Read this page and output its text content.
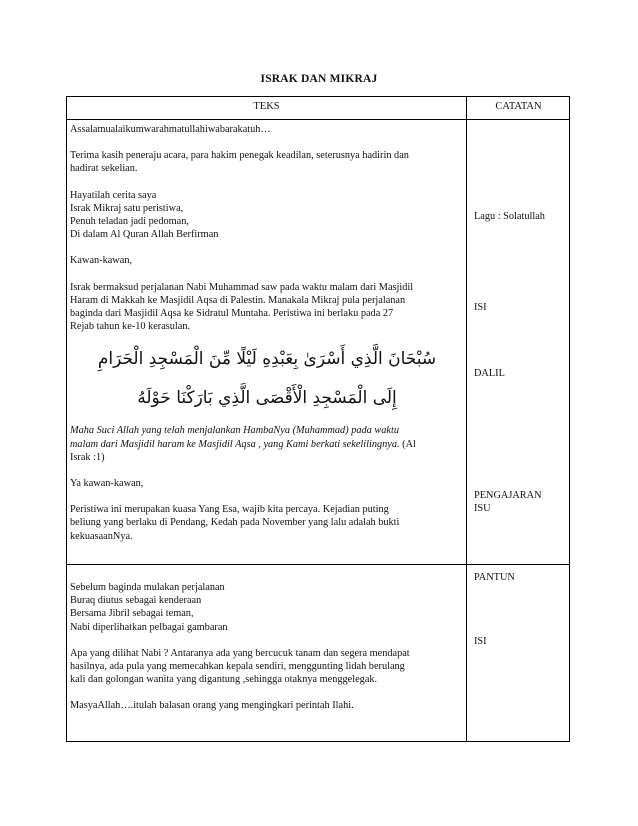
ISRAK DAN MIKRAJ
TEKS	CATATAN

Assalamualaikumwarahmatullahiwabarakatuh…

Terima kasih peneraju acara, para hakim penegak keadilan, seterusnya hadirin dan
hadirat sekelian.

Hayatilah cerita saya
Israk Mikraj satu peristiwa,
Penuh teladan jadi pedoman,
Di dalam Al Quran Allah Berfirman

Kawan-kawan,

Israk bermaksud perjalanan Nabi Muhammad saw pada waktu malam dari Masjidil
Haram di Makkah ke Masjidil Aqsa di Palestin. Manakala Mikraj pula perjalanan
baginda dari Masjidil Aqsa ke Sidratul Muntaha. Peristiwa ini berlaku pada 27
Rejab tahun ke-10 kerasulan.

سُبْحَانَ الَّذِي أَسْرَىٰ بِعَبْدِهِ لَيْلًا مِّنَ الْمَسْجِدِ الْحَرَامِ

إِلَى الْمَسْجِدِ الْأَقْصَى الَّذِي بَارَكْنَا حَوْلَهُ

Maha Suci Allah yang telah menjalankan HambaNya (Muhammad) pada waktu
malam dari Masjidil haram ke Masjidil Aqsa , yang Kami berkati sekelilingnya. (Al
Israk :1)

Ya kawan-kawan,

Peristiwa ini merupakan kuasa Yang Esa, wajib kita percaya. Kejadian puting
beliung yang berlaku di Pendang, Kedah pada November yang lalu adalah bukti
kekuasaanNya.

Sebelum baginda mulakan perjalanan
Buraq diutus sebagai kenderaan
Bersama Jibril sebagai teman,
Nabi diperlihatkan pelbagai gambaran

Apa yang dilihat Nabi ? Antaranya ada yang bercucuk tanam dan segera mendapat
hasilnya, ada pula yang memecahkan kepala sendiri, menggunting lidah berulang
kali dan golongan wanita yang digantung ,sehingga otaknya menggelegak.

MasyaAllah….itulah balasan orang yang mengingkari perintah Ilahi.

Lagu : Solatullah
ISI
DALIL
PENGAJARAN
ISU
PANTUN
ISI
